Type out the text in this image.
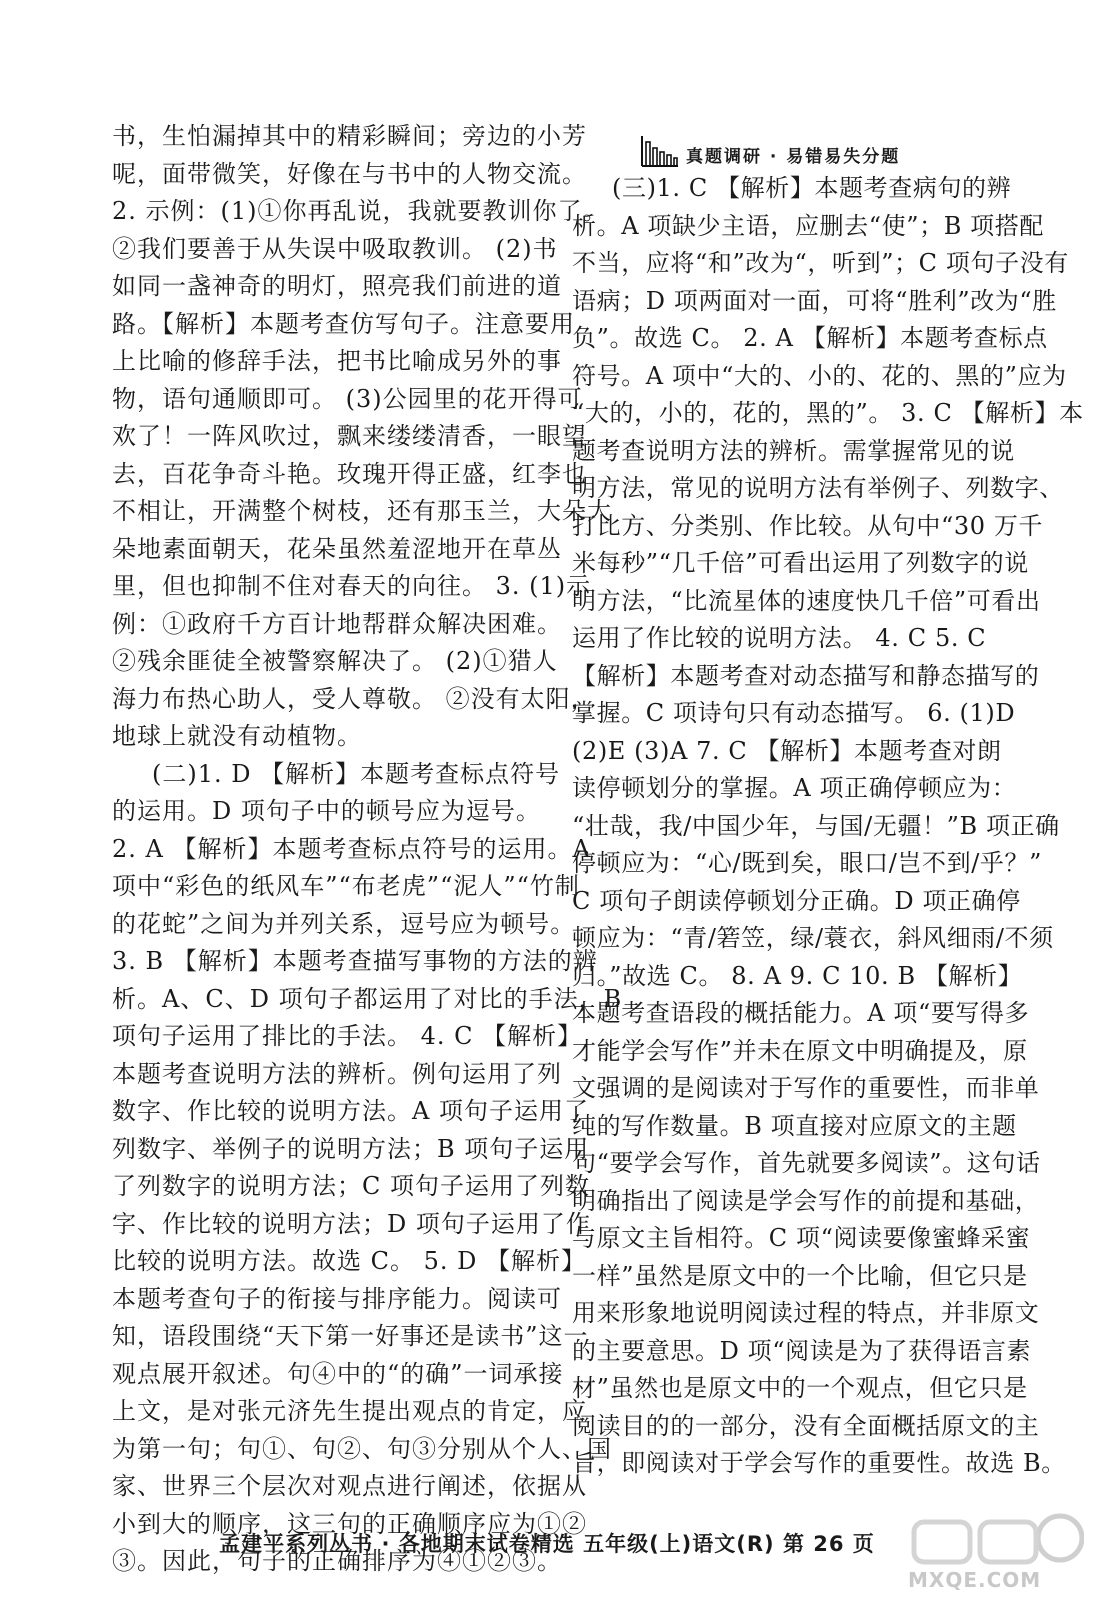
真题调研 · 易错易失分题
书，生怕漏掉其中的精彩瞬间；旁边的小芳
呢，面带微笑，好像在与书中的人物交流。
2. 示例：(1)①你再乱说，我就要教训你了。
②我们要善于从失误中吸取教训。 (2)书
如同一盏神奇的明灯，照亮我们前进的道
路。【解析】本题考查仿写句子。注意要用
上比喻的修辞手法，把书比喻成另外的事
物，语句通顺即可。 (3)公园里的花开得可
欢了！一阵风吹过，飘来缕缕清香，一眼望
去，百花争奇斗艳。玫瑰开得正盛，红李也
不相让，开满整个树枝，还有那玉兰，大朵大
朵地素面朝天，花朵虽然羞涩地开在草丛
里，但也抑制不住对春天的向往。 3. (1)示
例：①政府千方百计地帮群众解决困难。
②残余匪徒全被警察解决了。 (2)①猎人
海力布热心助人，受人尊敬。 ②没有太阳，
地球上就没有动植物。
(二)1. D 【解析】本题考查标点符号
的运用。D 项句子中的顿号应为逗号。
2. A 【解析】本题考查标点符号的运用。A
项中“彩色的纸风车”“布老虎”“泥人”“竹制
的花蛇”之间为并列关系，逗号应为顿号。
3. B 【解析】本题考查描写事物的方法的辨
析。A、C、D 项句子都运用了对比的手法，B
项句子运用了排比的手法。 4. C 【解析】
本题考查说明方法的辨析。例句运用了列
数字、作比较的说明方法。A 项句子运用了
列数字、举例子的说明方法；B 项句子运用
了列数字的说明方法；C 项句子运用了列数
字、作比较的说明方法；D 项句子运用了作
比较的说明方法。故选 C。 5. D 【解析】
本题考查句子的衔接与排序能力。阅读可
知，语段围绕“天下第一好事还是读书”这一
观点展开叙述。句④中的“的确”一词承接
上文，是对张元济先生提出观点的肯定，应
为第一句；句①、句②、句③分别从个人、国
家、世界三个层次对观点进行阐述，依据从
小到大的顺序，这三句的正确顺序应为①②
③。因此，句子的正确排序为④①②③。
(三)1. C 【解析】本题考查病句的辨
析。A 项缺少主语，应删去“使”；B 项搭配
不当，应将“和”改为“，听到”；C 项句子没有
语病；D 项两面对一面，可将“胜利”改为“胜
负”。故选 C。 2. A 【解析】本题考查标点
符号。A 项中“大的、小的、花的、黑的”应为
“大的，小的，花的，黑的”。 3. C 【解析】本
题考查说明方法的辨析。需掌握常见的说
明方法，常见的说明方法有举例子、列数字、
打比方、分类别、作比较。从句中“30 万千
米每秒”“几千倍”可看出运用了列数字的说
明方法，“比流星体的速度快几千倍”可看出
运用了作比较的说明方法。 4. C 5. C
【解析】本题考查对动态描写和静态描写的
掌握。C 项诗句只有动态描写。 6. (1)D
(2)E (3)A 7. C 【解析】本题考查对朗
读停顿划分的掌握。A 项正确停顿应为：
“壮哉，我/中国少年，与国/无疆！”B 项正确
停顿应为：“心/既到矣，眼口/岂不到/乎？”
C 项句子朗读停顿划分正确。D 项正确停
顿应为：“青/箬笠，绿/蓑衣，斜风细雨/不须
归。”故选 C。 8. A 9. C 10. B 【解析】
本题考查语段的概括能力。A 项“要写得多
才能学会写作”并未在原文中明确提及，原
文强调的是阅读对于写作的重要性，而非单
纯的写作数量。B 项直接对应原文的主题
句“要学会写作，首先就要多阅读”。这句话
明确指出了阅读是学会写作的前提和基础，
与原文主旨相符。C 项“阅读要像蜜蜂采蜜
一样”虽然是原文中的一个比喻，但它只是
用来形象地说明阅读过程的特点，并非原文
的主要意思。D 项“阅读是为了获得语言素
材”虽然也是原文中的一个观点，但它只是
阅读目的的一部分，没有全面概括原文的主
旨，即阅读对于学会写作的重要性。故选 B。
孟建平系列丛书 · 各地期末试卷精选 五年级(上)语文(R) 第 26 页
MXQE.COM
